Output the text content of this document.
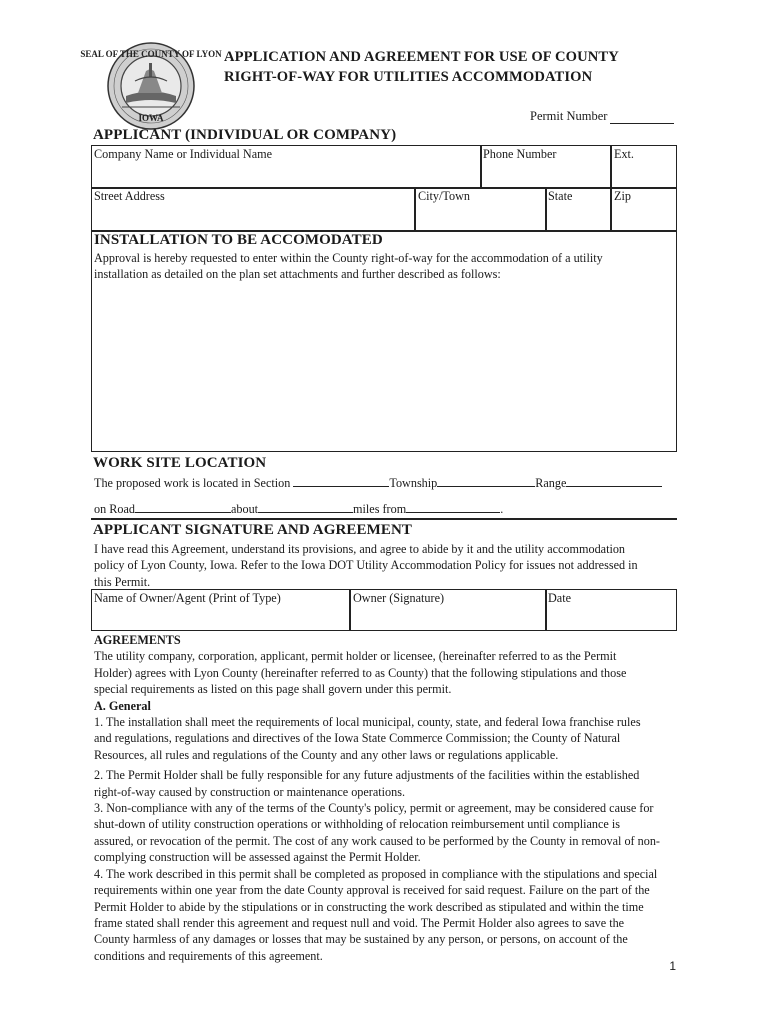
SEAL OF THE COUNTY OF LYON
IOWA
APPLICATION AND AGREEMENT FOR USE OF COUNTY
RIGHT-OF-WAY FOR UTILITIES ACCOMMODATION
Permit Number
APPLICANT (INDIVIDUAL OR COMPANY)
Company Name or Individual Name	Phone Number	Ext.
Street Address	City/Town	State	Zip
INSTALLATION TO BE ACCOMODATED
Approval is hereby requested to enter within the County right-of-way for the accommodation of a utility
installation as detailed on the plan set attachments and further described as follows:
WORK SITE LOCATION
The proposed work is located in Section	Township	Range
on Road	about	miles from	.
APPLICANT SIGNATURE AND AGREEMENT
I have read this Agreement, understand its provisions, and agree to abide by it and the utility accommodation
policy of Lyon County, Iowa. Refer to the Iowa DOT Utility Accommodation Policy for issues not addressed in
this Permit.
Name of Owner/Agent (Print of Type)	Owner (Signature)	Date
AGREEMENTS
The utility company, corporation, applicant, permit holder or licensee, (hereinafter referred to as the Permit
Holder) agrees with Lyon County (hereinafter referred to as County) that the following stipulations and those
special requirements as listed on this page shall govern under this permit.
A. General
1. The installation shall meet the requirements of local municipal, county, state, and federal Iowa franchise rules
and regulations, regulations and directives of the Iowa State Commerce Commission; the County of Natural
Resources, all rules and regulations of the County and any other laws or regulations applicable.
2. The Permit Holder shall be fully responsible for any future adjustments of the facilities within the established
right-of-way caused by construction or maintenance operations.
3. Non-compliance with any of the terms of the County's policy, permit or agreement, may be considered cause for
shut-down of utility construction operations or withholding of relocation reimbursement until compliance is
assured, or revocation of the permit. The cost of any work caused to be performed by the County in removal of non-
complying construction will be assessed against the Permit Holder.
4. The work described in this permit shall be completed as proposed in compliance with the stipulations and special
requirements within one year from the date County approval is received for said request. Failure on the part of the
Permit Holder to abide by the stipulations or in constructing the work described as stipulated and within the time
frame stated shall render this agreement and request null and void. The Permit Holder also agrees to save the
County harmless of any damages or losses that may be sustained by any person, or persons, on account of the
conditions and requirements of this agreement.
1
